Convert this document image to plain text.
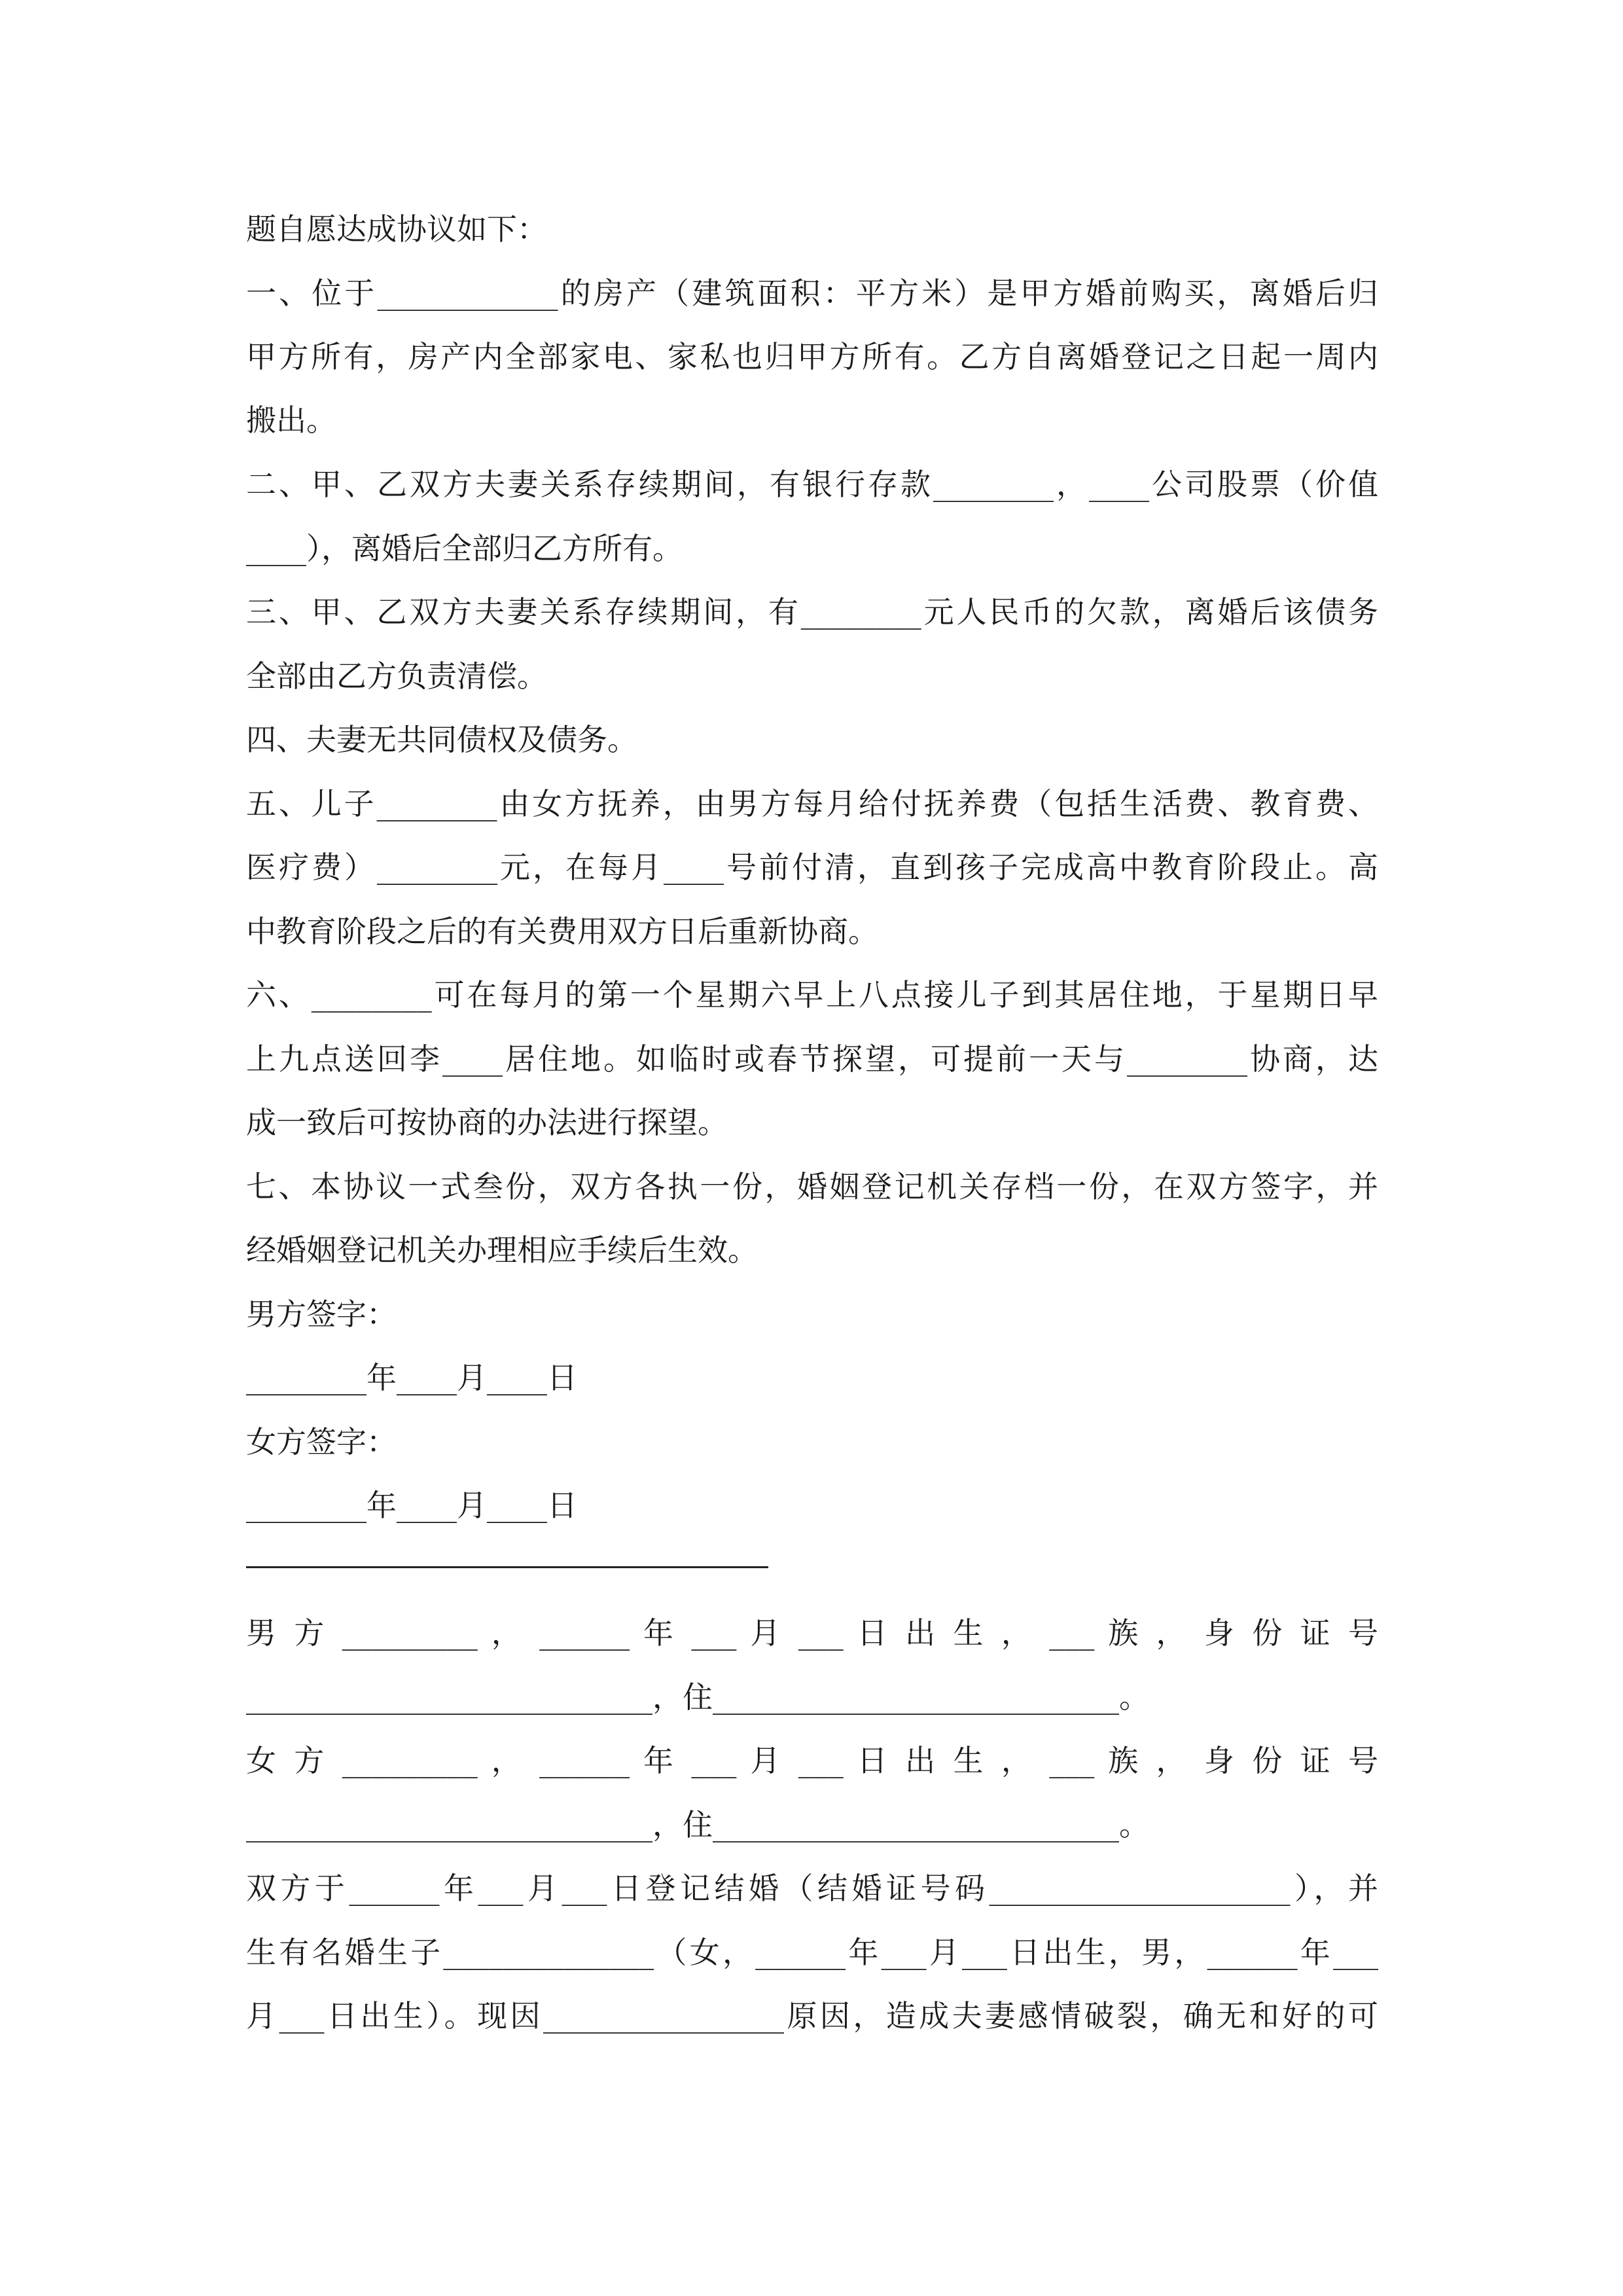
题自愿达成协议如下：
一、位于____________的房产（建筑面积：平方米）是甲方婚前购买，离婚后归
甲方所有，房产内全部家电、家私也归甲方所有。乙方自离婚登记之日起一周内
搬出。
二、甲、乙双方夫妻关系存续期间，有银行存款________，____公司股票（价值
____），离婚后全部归乙方所有。
三、甲、乙双方夫妻关系存续期间，有________元人民币的欠款，离婚后该债务
全部由乙方负责清偿。
四、夫妻无共同债权及债务。
五、儿子________由女方抚养，由男方每月给付抚养费（包括生活费、教育费、
医疗费）________元，在每月____号前付清，直到孩子完成高中教育阶段止。高
中教育阶段之后的有关费用双方日后重新协商。
六、________可在每月的第一个星期六早上八点接儿子到其居住地，于星期日早
上九点送回李____居住地。如临时或春节探望，可提前一天与________协商，达
成一致后可按协商的办法进行探望。
七、本协议一式叁份，双方各执一份，婚姻登记机关存档一份，在双方签字，并
经婚姻登记机关办理相应手续后生效。
男方签字：
________年____月____日
女方签字：
________年____月____日
男 方 _________ ， ______ 年 ___ 月 ___ 日 出 生 ， ___ 族 ， 身 份 证 号
___________________________，住___________________________。
女 方 _________ ， ______ 年 ___ 月 ___ 日 出 生 ， ___ 族 ， 身 份 证 号
___________________________，住___________________________。
双方于______年___月___日登记结婚（结婚证号码____________________），并
生有名婚生子______________（女，______年___月___日出生，男，______年___
月___日出生）。现因________________原因，造成夫妻感情破裂，确无和好的可
